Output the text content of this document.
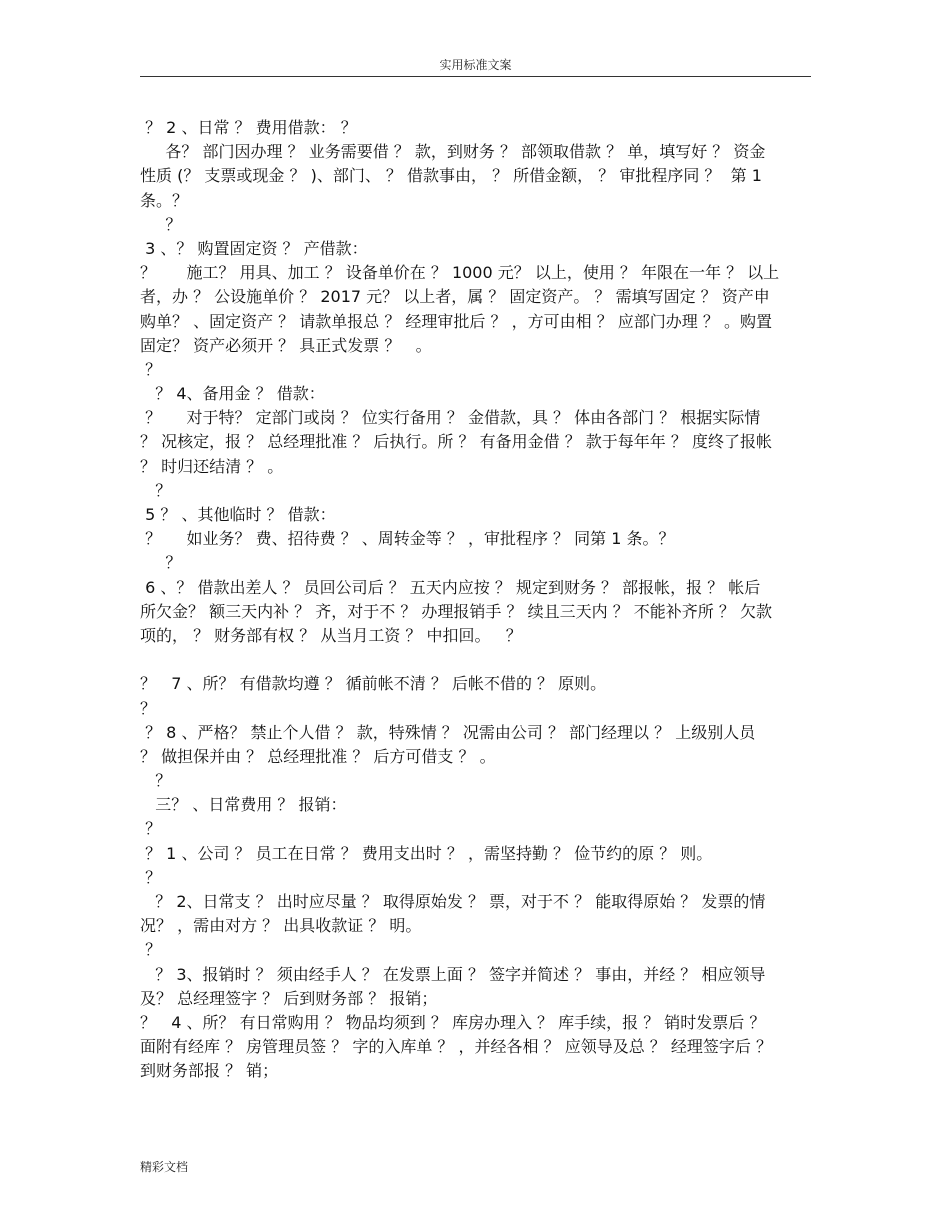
实用标准文案
？ 2 、日常 ？ 费用借款： ？
各？ 部门因办理 ？ 业务需要借 ？ 款，到财务 ？ 部领取借款 ？ 单，填写好 ？ 资金
性质 (？ 支票或现金 ？ )、部门、 ？ 借款事由， ？ 所借金额， ？ 审批程序同 ？  第 1
条。？
？
3 、？ 购置固定资 ？ 产借款：
？      施工？ 用具、加工 ？ 设备单价在 ？ 1000 元？ 以上，使用 ？ 年限在一年 ？ 以上
者，办 ？ 公设施单价 ？ 2017 元？ 以上者，属 ？ 固定资产。 ？ 需填写固定 ？ 资产申
购单？ 、固定资产 ？ 请款单报总 ？ 经理审批后 ？ ，方可由相 ？ 应部门办理 ？ 。购置
固定？ 资产必须开 ？ 具正式发票 ？   。
？
？ 4、备用金 ？ 借款：
？     对于特？ 定部门或岗 ？ 位实行备用 ？ 金借款，具 ？ 体由各部门 ？ 根据实际情
？ 况核定，报 ？ 总经理批准 ？ 后执行。所 ？ 有备用金借 ？ 款于每年年 ？ 度终了报帐
？ 时归还结清 ？ 。
？
5 ？ 、其他临时 ？ 借款：
？     如业务？ 费、招待费 ？ 、周转金等 ？ ，审批程序 ？ 同第 1 条。？
？
6 、？ 借款出差人 ？ 员回公司后 ？ 五天内应按 ？ 规定到财务 ？ 部报帐，报 ？ 帐后
所欠金？ 额三天内补 ？ 齐，对于不 ？ 办理报销手 ？ 续且三天内 ？ 不能补齐所 ？ 欠款
项的， ？ 财务部有权 ？ 从当月工资 ？ 中扣回。   ？
？   7 、所？ 有借款均遵 ？ 循前帐不清 ？ 后帐不借的 ？ 原则。
？
？ 8 、严格？ 禁止个人借 ？ 款，特殊情 ？ 况需由公司 ？ 部门经理以 ？ 上级别人员
？ 做担保并由 ？ 总经理批准 ？ 后方可借支 ？ 。
？
三？ 、日常费用 ？ 报销：
？
？ 1 、公司 ？ 员工在日常 ？ 费用支出时 ？ ，需坚持勤 ？ 俭节约的原 ？ 则。
？
？ 2、日常支 ？ 出时应尽量 ？ 取得原始发 ？ 票，对于不 ？ 能取得原始 ？ 发票的情
况？ ，需由对方 ？ 出具收款证 ？ 明。
？
？ 3、报销时 ？ 须由经手人 ？ 在发票上面 ？ 签字并简述 ？ 事由，并经 ？ 相应领导
及？ 总经理签字 ？ 后到财务部 ？ 报销；
？   4 、所？ 有日常购用 ？ 物品均须到 ？ 库房办理入 ？ 库手续，报 ？ 销时发票后 ？
面附有经库 ？ 房管理员签 ？ 字的入库单 ？ ，并经各相 ？ 应领导及总 ？ 经理签字后 ？
到财务部报 ？ 销；
精彩文档
